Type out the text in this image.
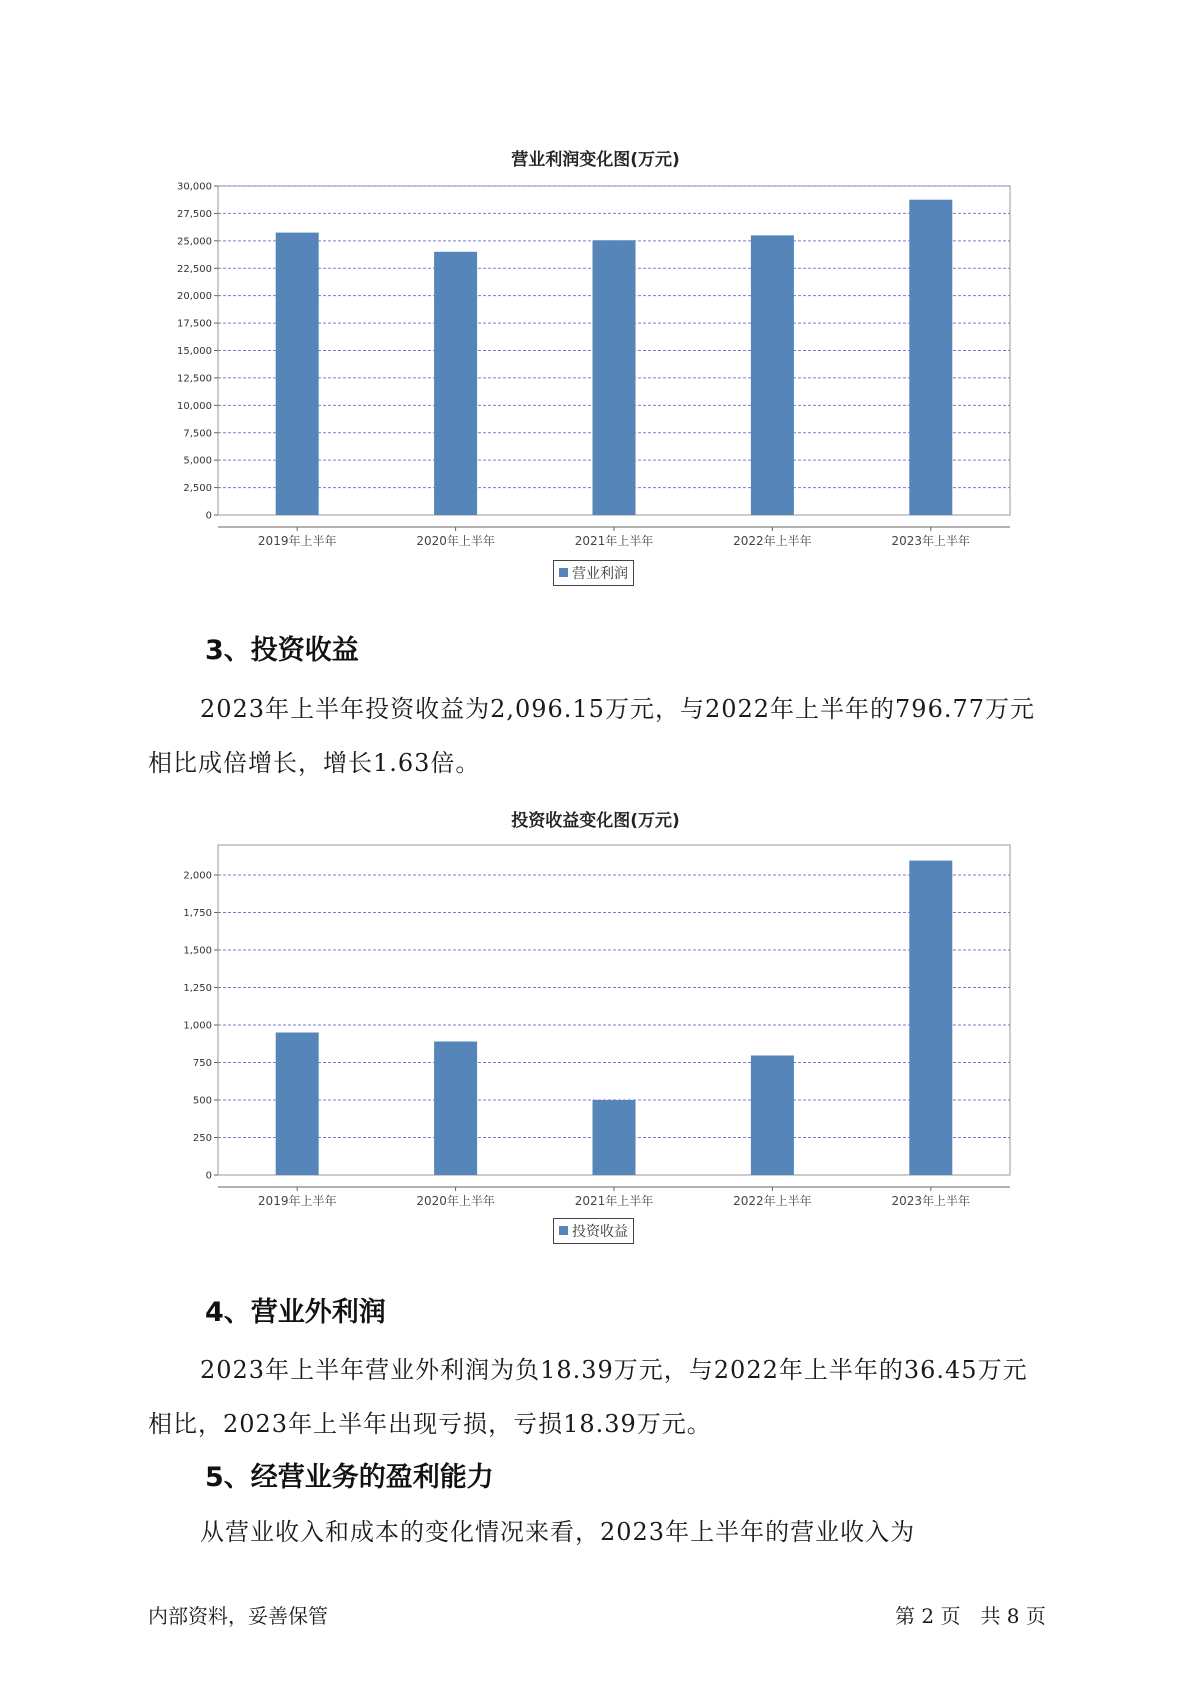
营业利润变化图(万元)
0
2,500
5,000
7,500
10,000
12,500
15,000
17,500
20,000
22,500
25,000
27,500
30,000
2019年上半年	2020年上半年	2021年上半年	2022年上半年	2023年上半年
营业利润
3、投资收益
2023年上半年投资收益为2,096.15万元，与2022年上半年的796.77万元相比成倍增长，增长1.63倍。
投资收益变化图(万元)
0
250
500
750
1,000
1,250
1,500
1,750
2,000
2019年上半年	2020年上半年	2021年上半年	2022年上半年	2023年上半年
投资收益
4、营业外利润
2023年上半年营业外利润为负18.39万元，与2022年上半年的36.45万元相比，2023年上半年出现亏损，亏损18.39万元。
5、经营业务的盈利能力
从营业收入和成本的变化情况来看，2023年上半年的营业收入为
内部资料，妥善保管	第 2 页　共 8 页
